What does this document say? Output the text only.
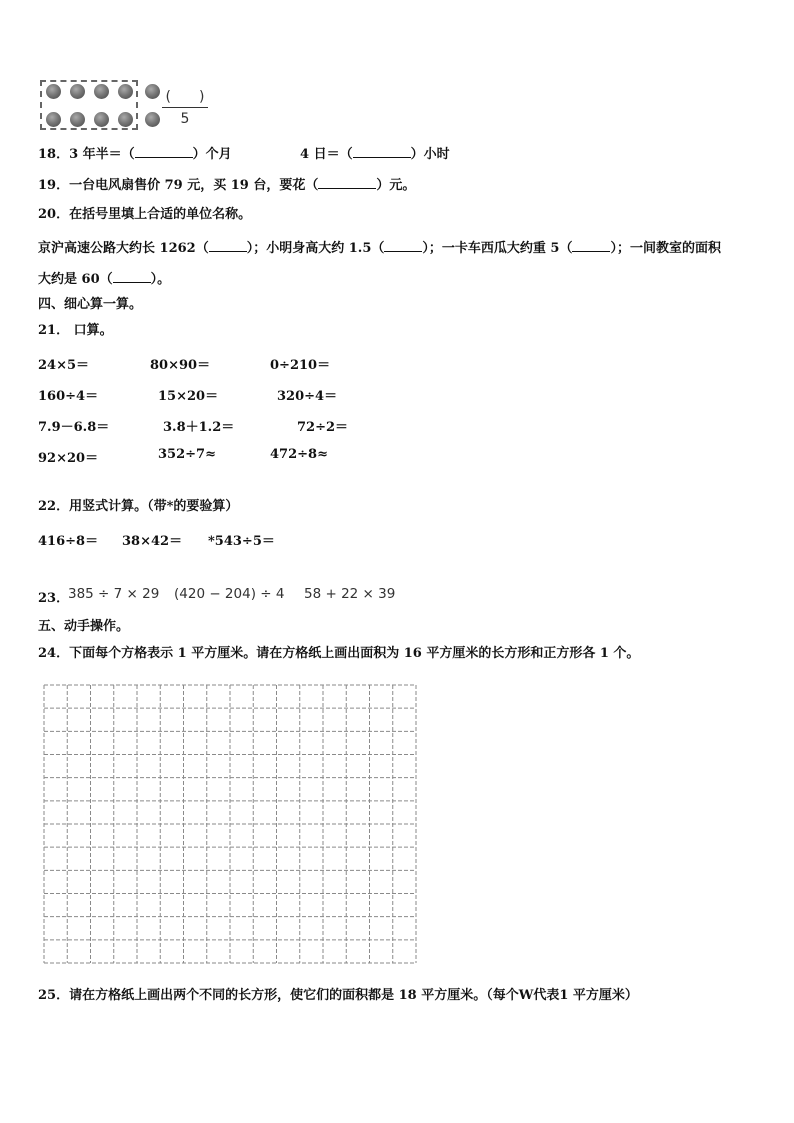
(　　)
5
18．3 年半＝（	）个月	4 日＝（	）小时
19．一台电风扇售价 79 元，买 19 台，要花（	）元。
20．在括号里填上合适的单位名称。
京沪高速公路大约长 1262（	）；小明身高大约 1.5（	）；一卡车西瓜大约重 5（	）；一间教室的面积
大约是 60（	）。
四、细心算一算。
21． 口算。
24×5＝	80×90＝	0÷210＝
160÷4＝	15×20＝	320÷4＝
7.9－6.8＝	3.8＋1.2＝	72÷2＝
92×20＝	352÷7≈	472÷8≈
22．用竖式计算。（带*的要验算）
416÷8＝ 38×42＝ *543÷5＝
23．
385 ÷ 7 × 29 (420 − 204) ÷ 4 58 + 22 × 39
五、动手操作。
24．下面每个方格表示 1 平方厘米。请在方格纸上画出面积为 16 平方厘米的长方形和正方形各 1 个。
25．请在方格纸上画出两个不同的长方形，使它们的面积都是 18 平方厘米。（每个W代表1 平方厘米）
